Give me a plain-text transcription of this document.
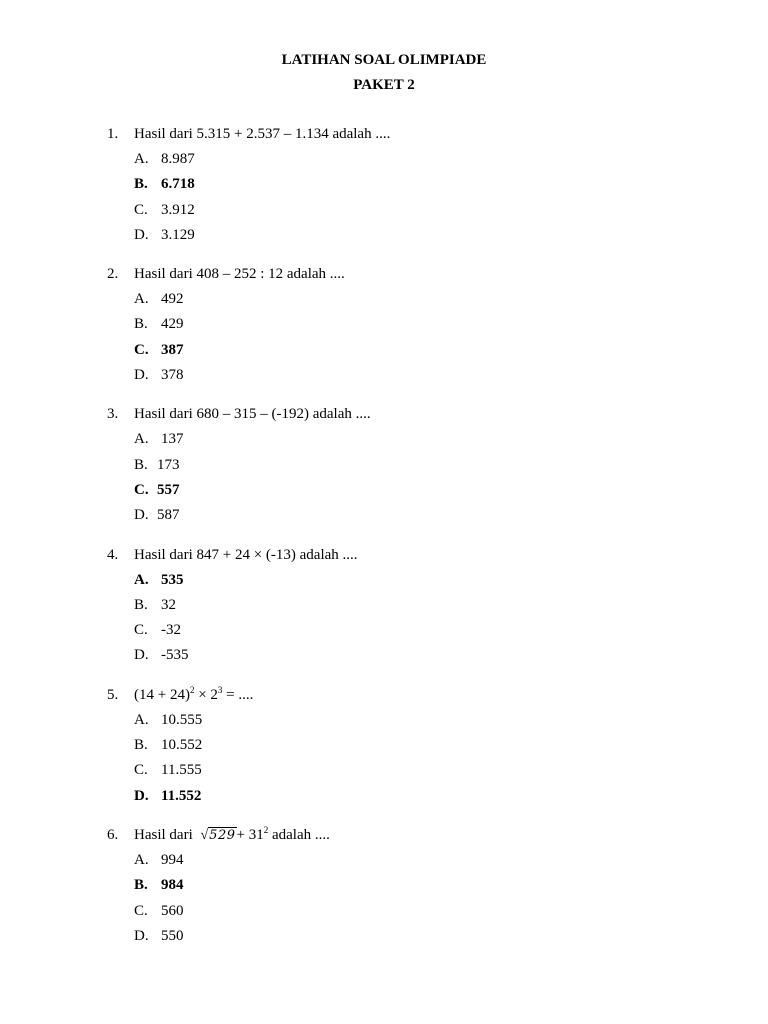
LATIHAN SOAL OLIMPIADE
PAKET 2
1. Hasil dari 5.315 + 2.537 – 1.134 adalah ....
A. 8.987
B. 6.718
C. 3.912
D. 3.129
2. Hasil dari 408 – 252 : 12 adalah ....
A. 492
B. 429
C. 387
D. 378
3. Hasil dari 680 – 315 – (-192) adalah ....
A. 137
B. 173
C. 557
D. 587
4. Hasil dari 847 + 24 × (-13) adalah ....
A. 535
B. 32
C. -32
D. -535
5. $(14 + 24)^2 \times 2^3$ = ....
A. 10.555
B. 10.552
C. 11.555
D. 11.552
6. Hasil dari $√529+ 31^2$ adalah ....
A. 994
B. 984
C. 560
D. 550
